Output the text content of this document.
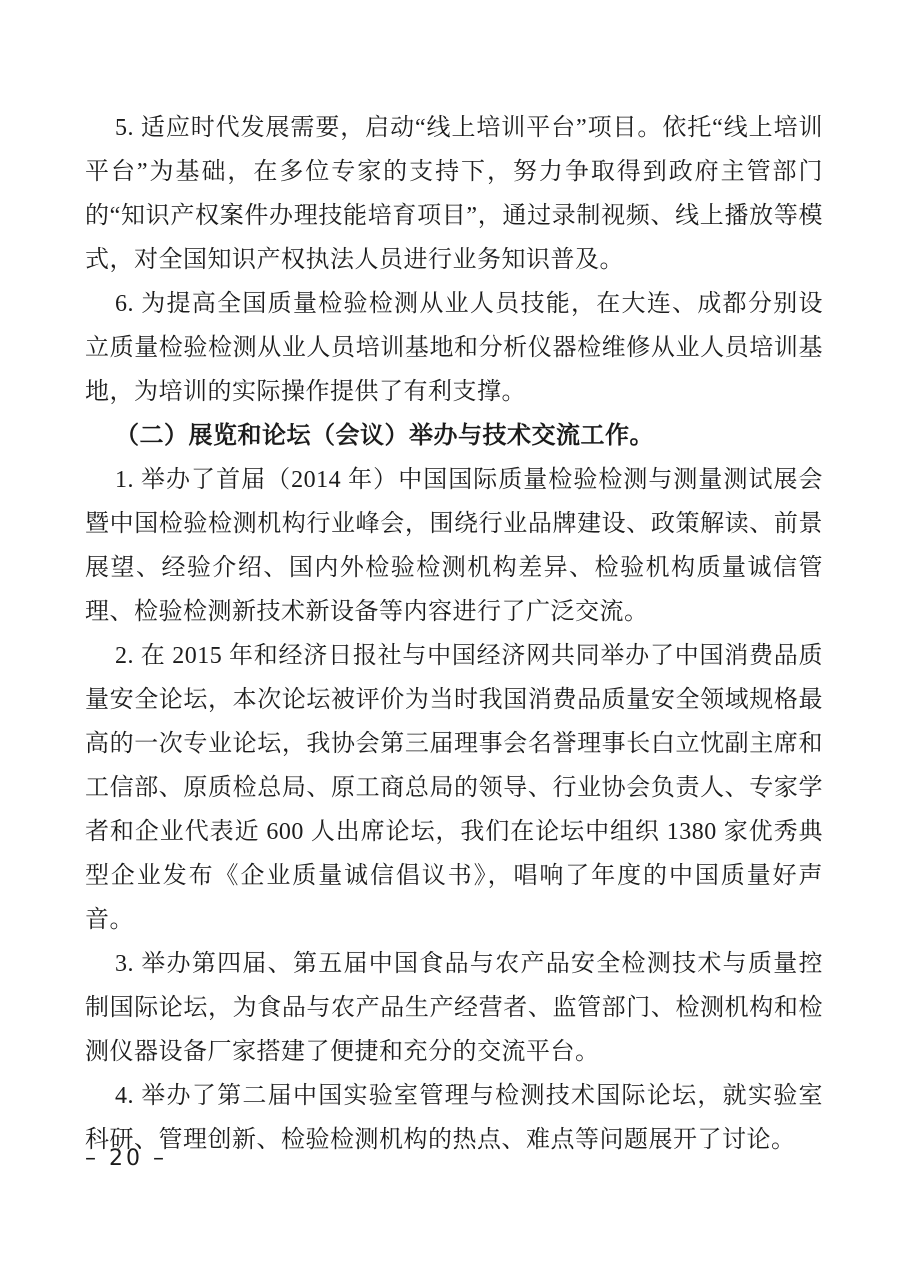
5. 适应时代发展需要，启动“线上培训平台”项目。依托“线上培训平台”为基础，在多位专家的支持下，努力争取得到政府主管部门的“知识产权案件办理技能培育项目”，通过录制视频、线上播放等模式，对全国知识产权执法人员进行业务知识普及。

6. 为提高全国质量检验检测从业人员技能，在大连、成都分别设立质量检验检测从业人员培训基地和分析仪器检维修从业人员培训基地，为培训的实际操作提供了有利支撑。

（二）展览和论坛（会议）举办与技术交流工作。

1. 举办了首届（2014 年）中国国际质量检验检测与测量测试展会暨中国检验检测机构行业峰会，围绕行业品牌建设、政策解读、前景展望、经验介绍、国内外检验检测机构差异、检验机构质量诚信管理、检验检测新技术新设备等内容进行了广泛交流。

2. 在 2015 年和经济日报社与中国经济网共同举办了中国消费品质量安全论坛，本次论坛被评价为当时我国消费品质量安全领域规格最高的一次专业论坛，我协会第三届理事会名誉理事长白立忱副主席和工信部、原质检总局、原工商总局的领导、行业协会负责人、专家学者和企业代表近 600 人出席论坛，我们在论坛中组织 1380 家优秀典型企业发布《企业质量诚信倡议书》，唱响了年度的中国质量好声音。

3. 举办第四届、第五届中国食品与农产品安全检测技术与质量控制国际论坛，为食品与农产品生产经营者、监管部门、检测机构和检测仪器设备厂家搭建了便捷和充分的交流平台。

4. 举办了第二届中国实验室管理与检测技术国际论坛，就实验室科研、管理创新、检验检测机构的热点、难点等问题展开了讨论。

– 20 –
